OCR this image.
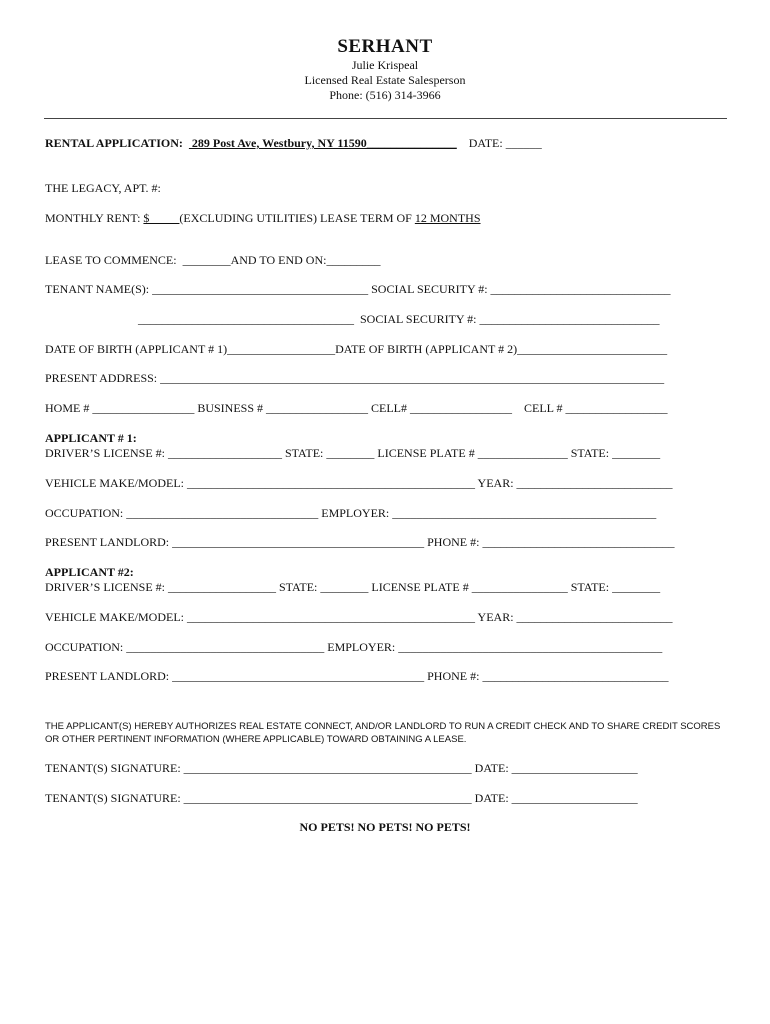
SERHANT
Julie Krispeal
Licensed Real Estate Salesperson
Phone: (516) 314-3966
RENTAL APPLICATION:   289 Post Ave, Westbury, NY 11590_______________ DATE: ______
THE LEGACY, APT. #:
MONTHLY RENT: $_____(EXCLUDING UTILITIES) LEASE TERM OF 12 MONTHS
LEASE TO COMMENCE:  ________AND TO END ON:_________
TENANT NAME(S): ____________________________________ SOCIAL SECURITY #: ______________________________
____________________________________  SOCIAL SECURITY #: ______________________________
DATE OF BIRTH (APPLICANT # 1)__________________DATE OF BIRTH (APPLICANT # 2)_________________________
PRESENT ADDRESS: ____________________________________________________________________________________
HOME # _________________ BUSINESS # _________________ CELL# _________________    CELL # _________________
APPLICANT # 1:
DRIVER’S LICENSE #: ___________________ STATE: ________ LICENSE PLATE # _______________ STATE: ________
VEHICLE MAKE/MODEL: ________________________________________________ YEAR: __________________________
OCCUPATION: ________________________________ EMPLOYER: ____________________________________________
PRESENT LANDLORD: __________________________________________ PHONE #: ________________________________
APPLICANT #2:
DRIVER’S LICENSE #: __________________ STATE: ________ LICENSE PLATE # ________________ STATE: ________
VEHICLE MAKE/MODEL: ________________________________________________ YEAR: __________________________
OCCUPATION: _________________________________ EMPLOYER: ____________________________________________
PRESENT LANDLORD: __________________________________________ PHONE #: _______________________________
THE APPLICANT(S) HEREBY AUTHORIZES REAL ESTATE CONNECT, AND/OR LANDLORD TO RUN A CREDIT CHECK AND TO SHARE CREDIT SCORES OR OTHER PERTINENT INFORMATION (WHERE APPLICABLE) TOWARD OBTAINING A LEASE.
TENANT(S) SIGNATURE: ________________________________________________ DATE: _____________________
TENANT(S) SIGNATURE: ________________________________________________ DATE: _____________________
NO PETS! NO PETS! NO PETS!
